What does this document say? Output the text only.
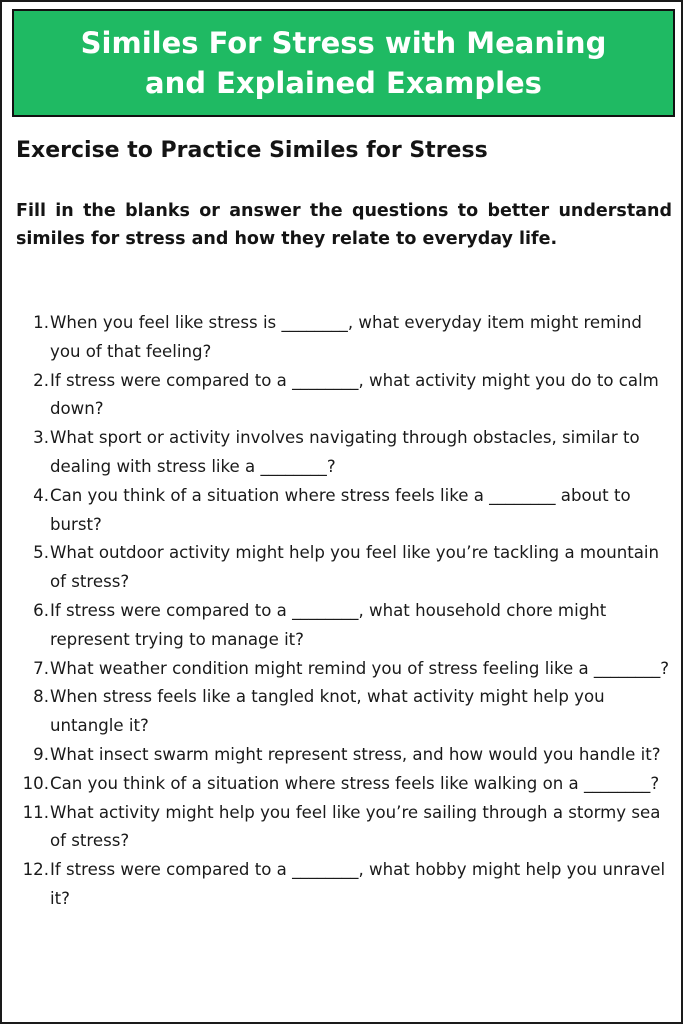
Similes For Stress with Meaning and Explained Examples
Exercise to Practice Similes for Stress

Fill in the blanks or answer the questions to better understand similes for stress and how they relate to everyday life.

1. When you feel like stress is ________, what everyday item might remind you of that feeling?
2. If stress were compared to a ________, what activity might you do to calm down?
3. What sport or activity involves navigating through obstacles, similar to dealing with stress like a ________?
4. Can you think of a situation where stress feels like a ________ about to burst?
5. What outdoor activity might help you feel like you’re tackling a mountain of stress?
6. If stress were compared to a ________, what household chore might represent trying to manage it?
7. What weather condition might remind you of stress feeling like a ________?
8. When stress feels like a tangled knot, what activity might help you untangle it?
9. What insect swarm might represent stress, and how would you handle it?
10. Can you think of a situation where stress feels like walking on a ________?
11. What activity might help you feel like you’re sailing through a stormy sea of stress?
12. If stress were compared to a ________, what hobby might help you unravel it?
